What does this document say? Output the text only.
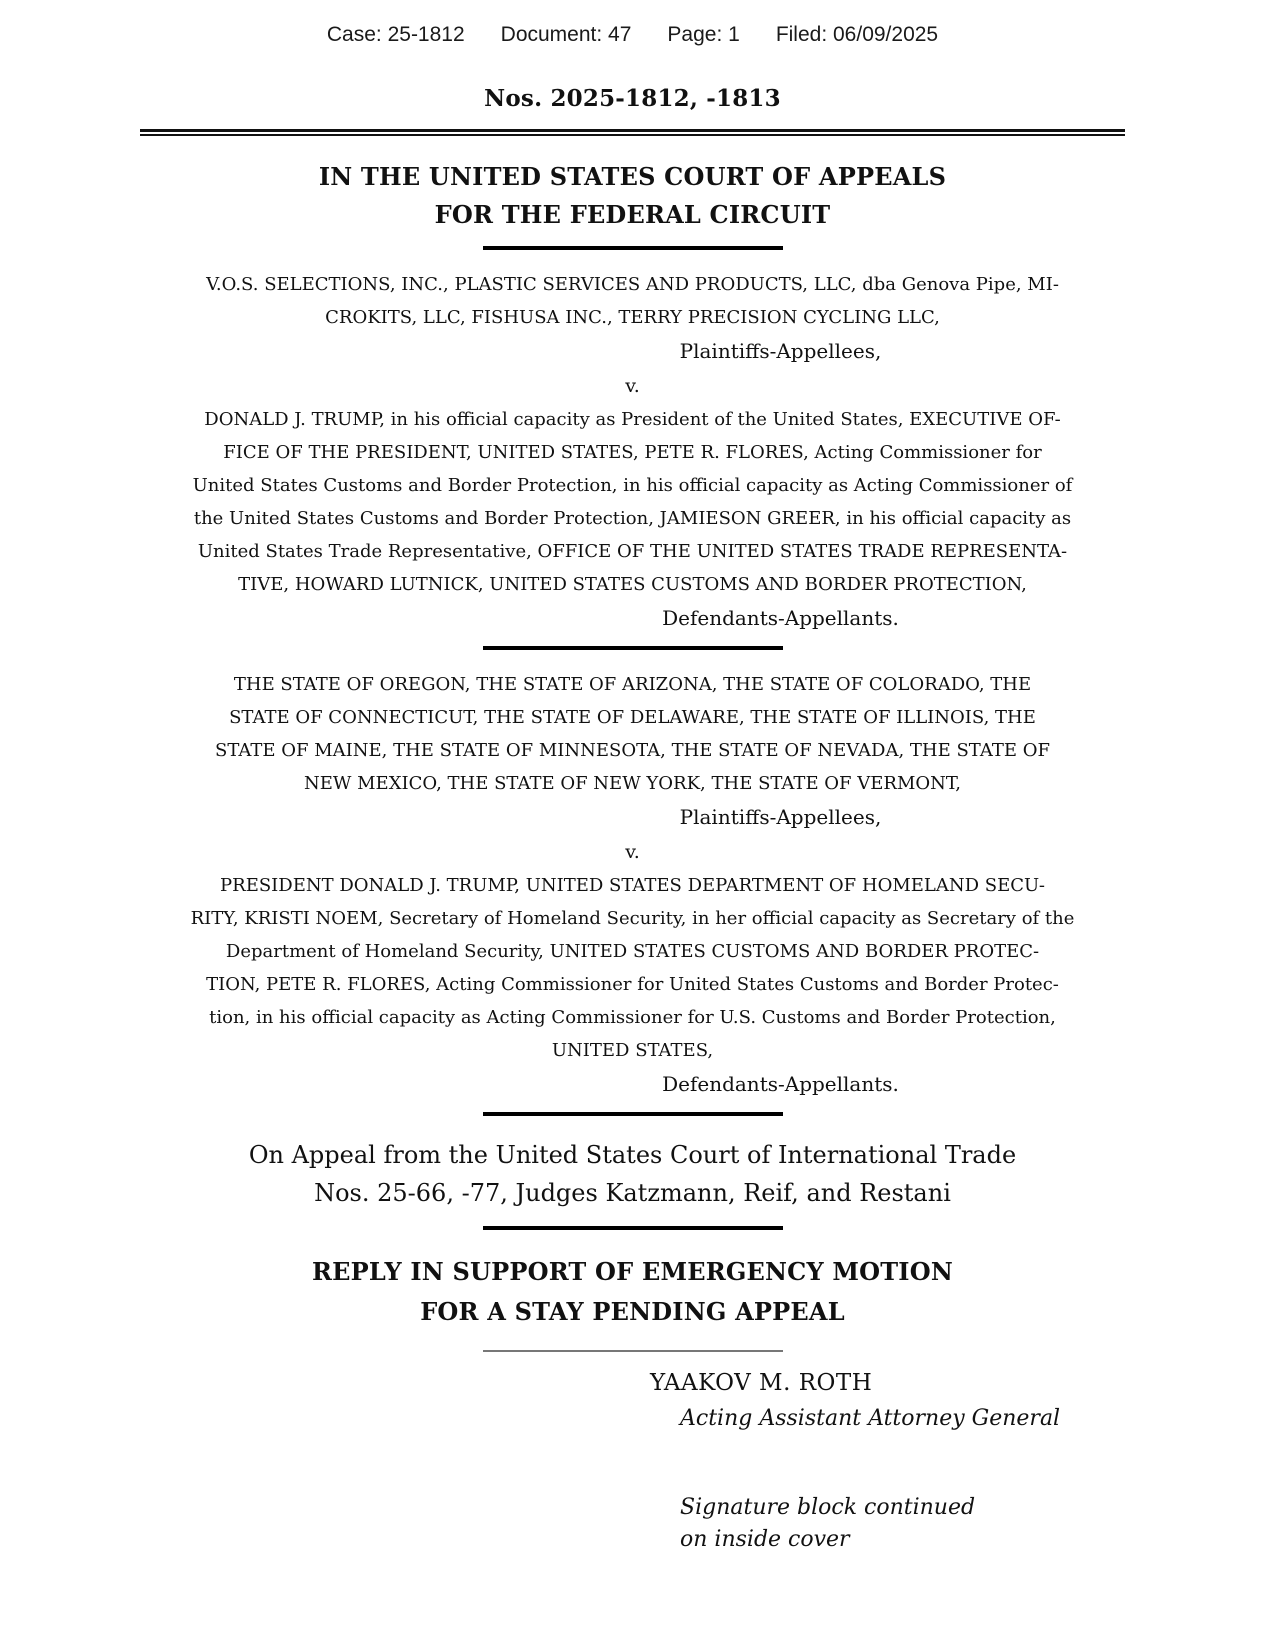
Case: 25-1812 Document: 47 Page: 1 Filed: 06/09/2025
Nos. 2025-1812, -1813
IN THE UNITED STATES COURT OF APPEALS
FOR THE FEDERAL CIRCUIT
V.O.S. SELECTIONS, INC., PLASTIC SERVICES AND PRODUCTS, LLC, dba Genova Pipe, MI-
CROKITS, LLC, FISHUSA INC., TERRY PRECISION CYCLING LLC,
Plaintiffs-Appellees,
v.
DONALD J. TRUMP, in his official capacity as President of the United States, EXECUTIVE OF-
FICE OF THE PRESIDENT, UNITED STATES, PETE R. FLORES, Acting Commissioner for
United States Customs and Border Protection, in his official capacity as Acting Commissioner of
the United States Customs and Border Protection, JAMIESON GREER, in his official capacity as
United States Trade Representative, OFFICE OF THE UNITED STATES TRADE REPRESENTA-
TIVE, HOWARD LUTNICK, UNITED STATES CUSTOMS AND BORDER PROTECTION,
Defendants-Appellants.
THE STATE OF OREGON, THE STATE OF ARIZONA, THE STATE OF COLORADO, THE
STATE OF CONNECTICUT, THE STATE OF DELAWARE, THE STATE OF ILLINOIS, THE
STATE OF MAINE, THE STATE OF MINNESOTA, THE STATE OF NEVADA, THE STATE OF
NEW MEXICO, THE STATE OF NEW YORK, THE STATE OF VERMONT,
Plaintiffs-Appellees,
v.
PRESIDENT DONALD J. TRUMP, UNITED STATES DEPARTMENT OF HOMELAND SECU-
RITY, KRISTI NOEM, Secretary of Homeland Security, in her official capacity as Secretary of the
Department of Homeland Security, UNITED STATES CUSTOMS AND BORDER PROTEC-
TION, PETE R. FLORES, Acting Commissioner for United States Customs and Border Protec-
tion, in his official capacity as Acting Commissioner for U.S. Customs and Border Protection,
UNITED STATES,
Defendants-Appellants.
On Appeal from the United States Court of International Trade
Nos. 25-66, -77, Judges Katzmann, Reif, and Restani
REPLY IN SUPPORT OF EMERGENCY MOTION
FOR A STAY PENDING APPEAL
YAAKOV M. ROTH
Acting Assistant Attorney General
Signature block continued
on inside cover
